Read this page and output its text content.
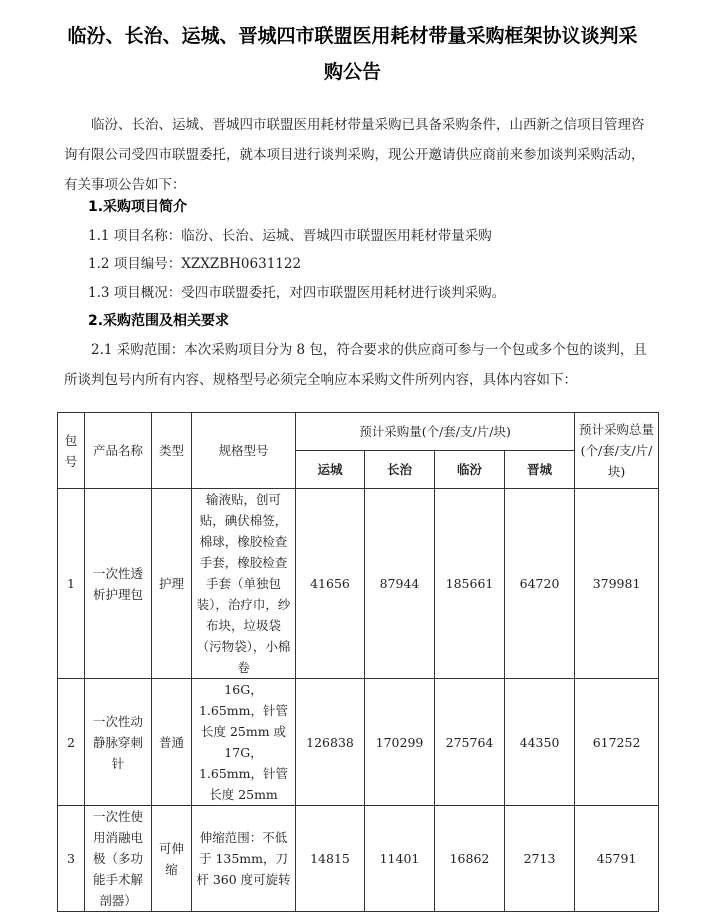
临汾、长治、运城、晋城四市联盟医用耗材带量采购框架协议谈判采
购公告
临汾、长治、运城、晋城四市联盟医用耗材带量采购已具备采购条件，山西新之信项目管理咨询有限公司受四市联盟委托，就本项目进行谈判采购，现公开邀请供应商前来参加谈判采购活动，有关事项公告如下：
1.采购项目简介
1.1 项目名称：临汾、长治、运城、晋城四市联盟医用耗材带量采购
1.2 项目编号：XZXZBH0631122
1.3 项目概况：受四市联盟委托，对四市联盟医用耗材进行谈判采购。
2.采购范围及相关要求
2.1 采购范围：本次采购项目分为 8 包，符合要求的供应商可参与一个包或多个包的谈判，且所谈判包号内所有内容、规格型号必须完全响应本采购文件所列内容，具体内容如下：
包号	产品名称	类型	规格型号	预计采购量(个/套/支/片/块)				预计采购总量(个/套/支/片/块)
				运城	长治	临汾	晋城	
1	一次性透析护理包	护理	输液贴，创可贴，碘伏棉签，棉球，橡胶检查手套，橡胶检查手套（单独包装），治疗巾，纱布块，垃圾袋（污物袋），小棉卷	41656	87944	185661	64720	379981
2	一次性动静脉穿刺针	普通	16G，1.65mm，针管长度 25mm 或 17G，1.65mm，针管长度 25mm	126838	170299	275764	44350	617252
3	一次性使用消融电极（多功能手术解剖器）	可伸缩	伸缩范围：不低于 135mm，刀杆 360 度可旋转	14815	11401	16862	2713	45791
